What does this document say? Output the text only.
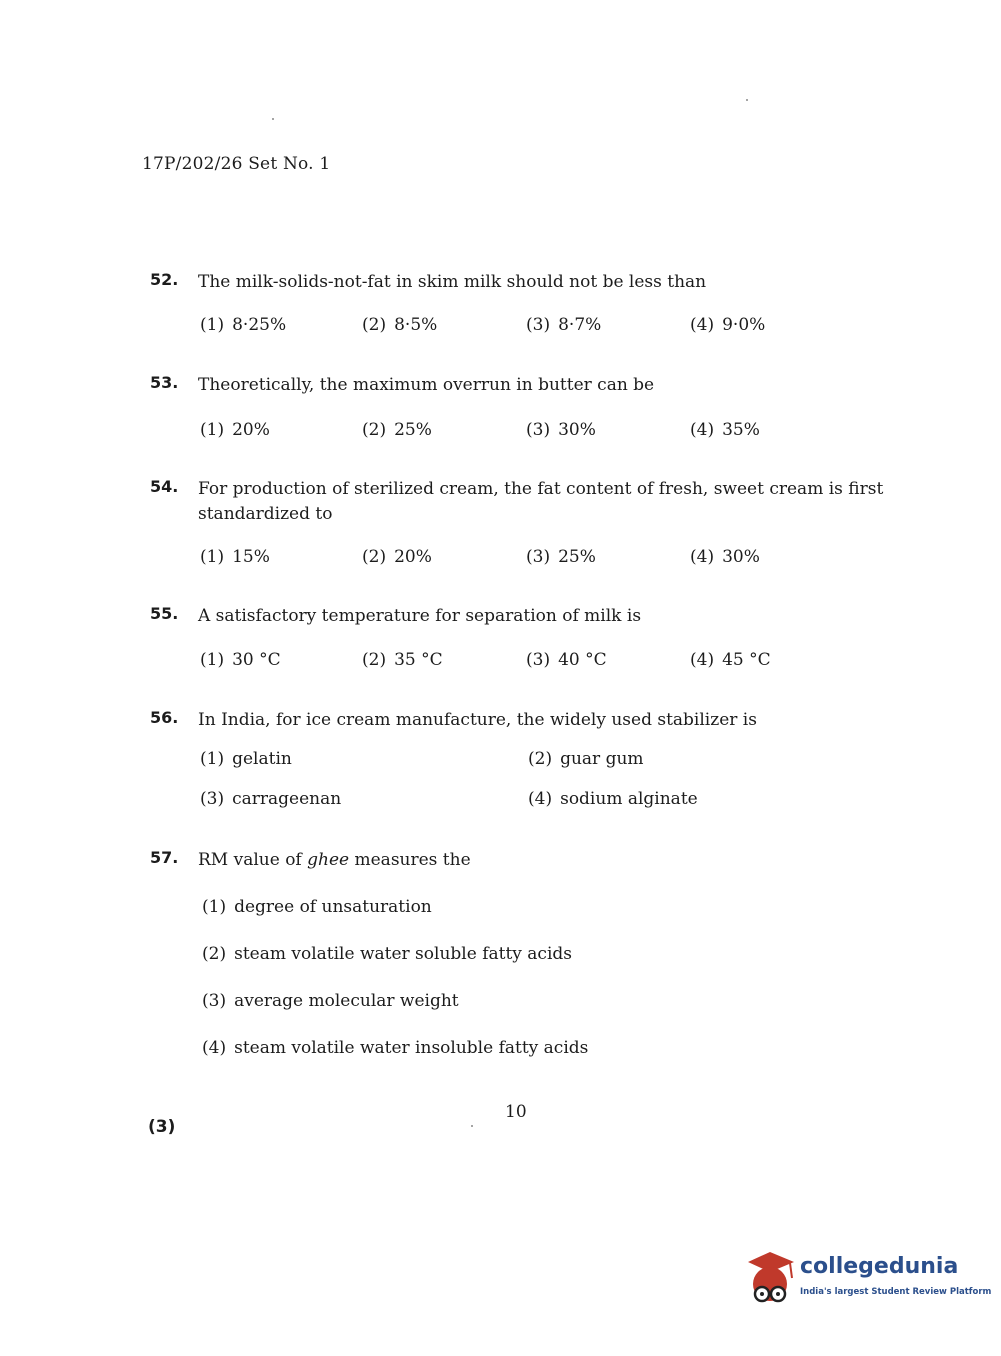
17P/202/26 Set No. 1
52. The milk-solids-not-fat in skim milk should not be less than
(1) 8·25%	(2) 8·5%	(3) 8·7%	(4) 9·0%
53. Theoretically, the maximum overrun in butter can be
(1) 20%	(2) 25%	(3) 30%	(4) 35%
54. For production of sterilized cream, the fat content of fresh, sweet cream is first standardized to
(1) 15%	(2) 20%	(3) 25%	(4) 30%
55. A satisfactory temperature for separation of milk is
(1) 30 °C	(2) 35 °C	(3) 40 °C	(4) 45 °C
56. In India, for ice cream manufacture, the widely used stabilizer is
(1) gelatin	(2) guar gum
(3) carrageenan	(4) sodium alginate
57. RM value of ghee measures the
(1) degree of unsaturation
(2) steam volatile water soluble fatty acids
(3) average molecular weight
(4) steam volatile water insoluble fatty acids
10
(3)
collegedunia
India's largest Student Review Platform
